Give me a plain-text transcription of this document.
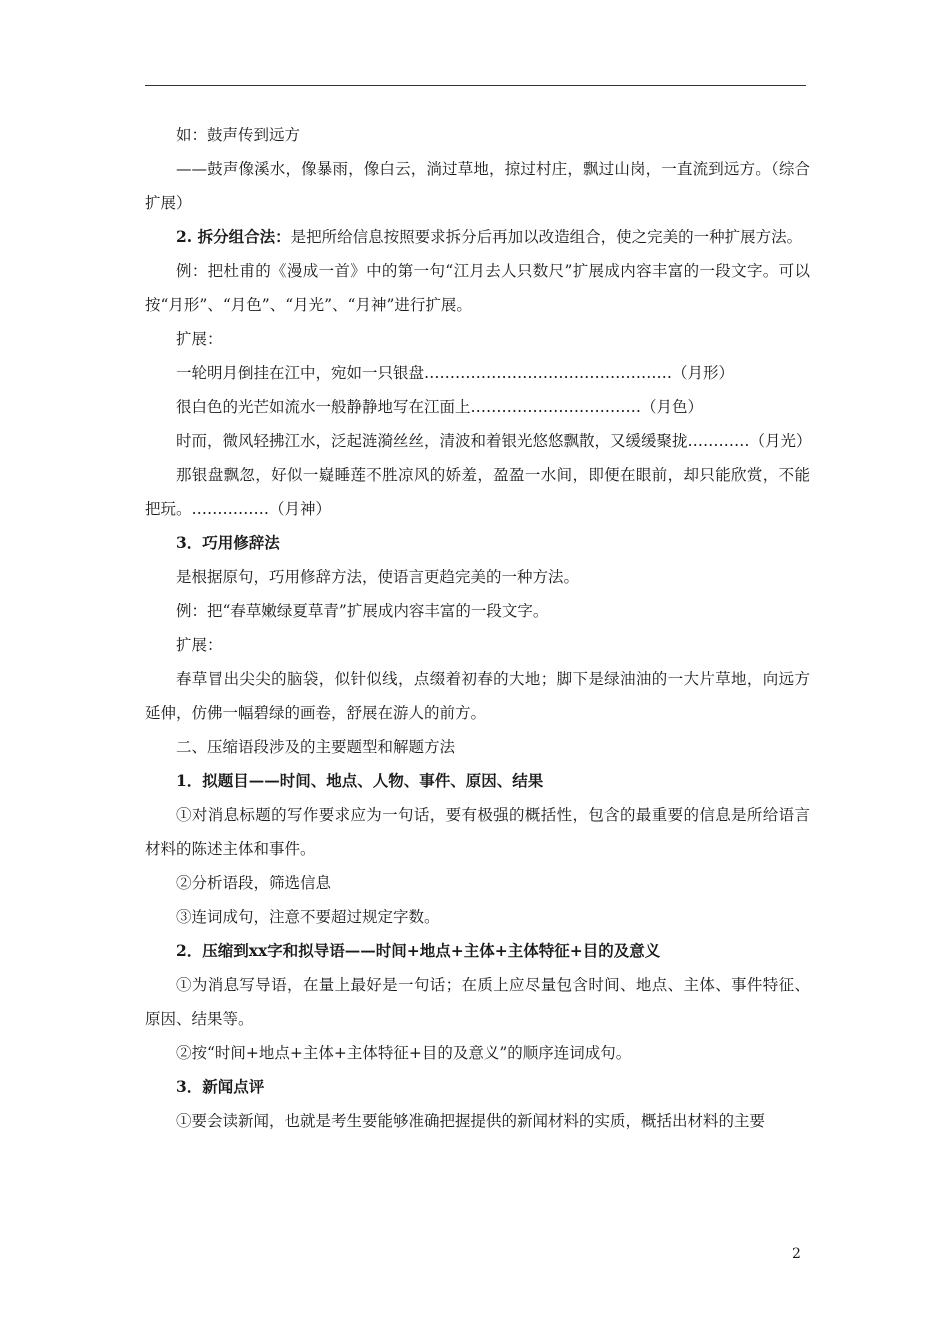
如：鼓声传到远方

——鼓声像溪水，像暴雨，像白云，淌过草地，掠过村庄，飘过山岗，一直流到远方。（综合扩展）

2. 拆分组合法：是把所给信息按照要求拆分后再加以改造组合，使之完美的一种扩展方法。

例：把杜甫的《漫成一首》中的第一句“江月去人只数尺”扩展成内容丰富的一段文字。可以按“月形”、“月色”、“月光”、“月神”进行扩展。

扩展：

一轮明月倒挂在江中，宛如一只银盘…………………………………………（月形）

很白色的光芒如流水一般静静地写在江面上……………………………（月色）

时而，微风轻拂江水，泛起涟漪丝丝，清波和着银光悠悠飘散，又缓缓聚拢…………（月光）

那银盘飘忽，好似一嶷睡莲不胜凉风的娇羞，盈盈一水间，即便在眼前，却只能欣赏，不能把玩。……………（月神）

3．巧用修辞法

是根据原句，巧用修辞方法，使语言更趋完美的一种方法。

例：把“春草嫩绿夏草青”扩展成内容丰富的一段文字。

扩展：

春草冒出尖尖的脑袋，似针似线，点缀着初春的大地；脚下是绿油油的一大片草地，向远方延伸，仿佛一幅碧绿的画卷，舒展在游人的前方。

二、压缩语段涉及的主要题型和解题方法

1．拟题目——时间、地点、人物、事件、原因、结果

①对消息标题的写作要求应为一句话，要有极强的概括性，包含的最重要的信息是所给语言材料的陈述主体和事件。

②分析语段，筛选信息

③连词成句，注意不要超过规定字数。

2．压缩到xx字和拟导语——时间+地点+主体+主体特征+目的及意义

①为消息写导语，在量上最好是一句话；在质上应尽量包含时间、地点、主体、事件特征、原因、结果等。

②按“时间+地点+主体+主体特征+目的及意义”的顺序连词成句。

3．新闻点评

①要会读新闻，也就是考生要能够准确把握提供的新闻材料的实质，概括出材料的主要

2
